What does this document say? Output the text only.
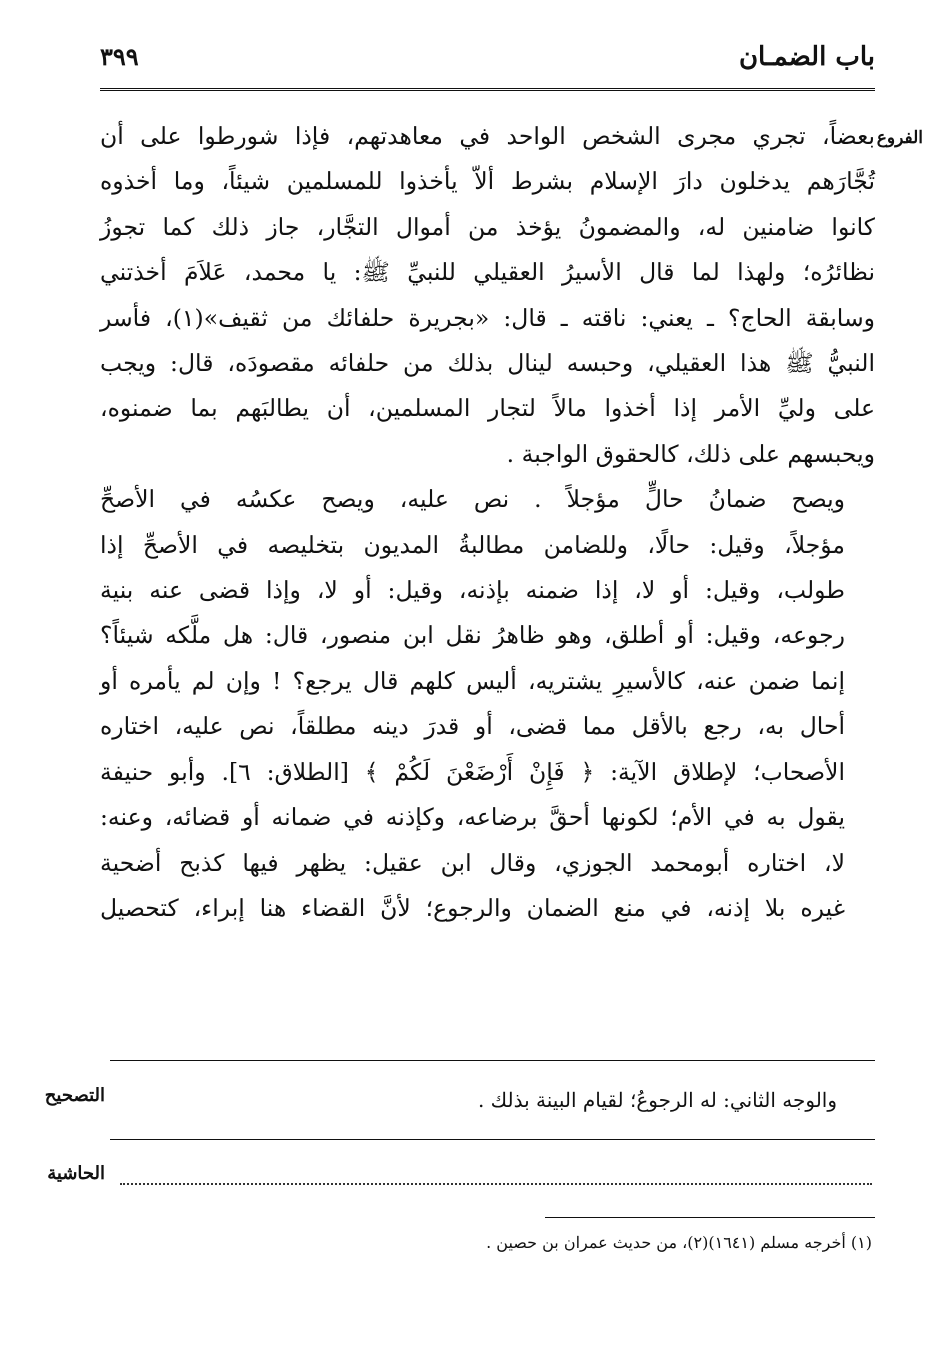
٣٩٩	باب الضمـان
الفروع

بعضاً، تجري مجرى الشخص الواحد في معاهدتهم، فإذا شورطوا على أن
تُجَّارَهم يدخلون دارَ الإسلام بشرط ألاّ يأخذوا للمسلمين شيئاً، وما أخذوه
كانوا ضامنين له، والمضمونُ يؤخذ من أموال التجَّار، جاز ذلك كما تجوزُ
نظائرُه؛ ولهذا لما قال الأسيرُ العقيلي للنبيِّ ﷺ: يا محمد، عَلاَمَ أخذتني
وسابقة الحاج؟ ـ يعني: ناقته ـ قال: «بجريرة حلفائك من ثقيف»(١)، فأسر
النبيُّ ﷺ هذا العقيلي، وحبسه لينال بذلك من حلفائه مقصودَه، قال: ويجب
على وليِّ الأمر إذا أخذوا مالاً لتجار المسلمين، أن يطالبَهم بما ضمنوه،
ويحبسهم على ذلك، كالحقوق الواجبة .

ويصح ضمانُ حالٍّ مؤجلاً . نص عليه، ويصح عكسُه في الأصحِّ
مؤجلاً، وقيل: حالًا، وللضامن مطالبةُ المديون بتخليصه في الأصحِّ إذا
طولب، وقيل: أو لا، إذا ضمنه بإذنه، وقيل: أو لا، وإذا قضى عنه بنية
رجوعه، وقيل: أو أطلق، وهو ظاهرُ نقل ابن منصور، قال: هل ملَّكه شيئاً؟
إنما ضمن عنه، كالأسيرِ يشتريه، أليس كلهم قال يرجع؟ ! وإن لم يأمره أو
أحال به، رجع بالأقل مما قضى، أو قدرَ دينه مطلقاً، نص عليه، اختاره
الأصحاب؛ لإطلاق الآية: ﴿ فَإِنْ أَرْضَعْنَ لَكُمْ ﴾ [الطلاق: ٦]. وأبو حنيفة
يقول به في الأم؛ لكونها أحقَّ برضاعه، وكإذنه في ضمانه أو قضائه، وعنه:
لا، اختاره أبومحمد الجوزي، وقال ابن عقيل: يظهر فيها كذبح أضحية
غيره بلا إذنه، في منع الضمان والرجوع؛ لأنَّ القضاء هنا إبراء، كتحصيل

التصحيح	والوجه الثاني: له الرجوعُ؛ لقيام البينة بذلك .
الحاشية
(١) أخرجه مسلم (١٦٤١)(٢)، من حديث عمران بن حصين .
